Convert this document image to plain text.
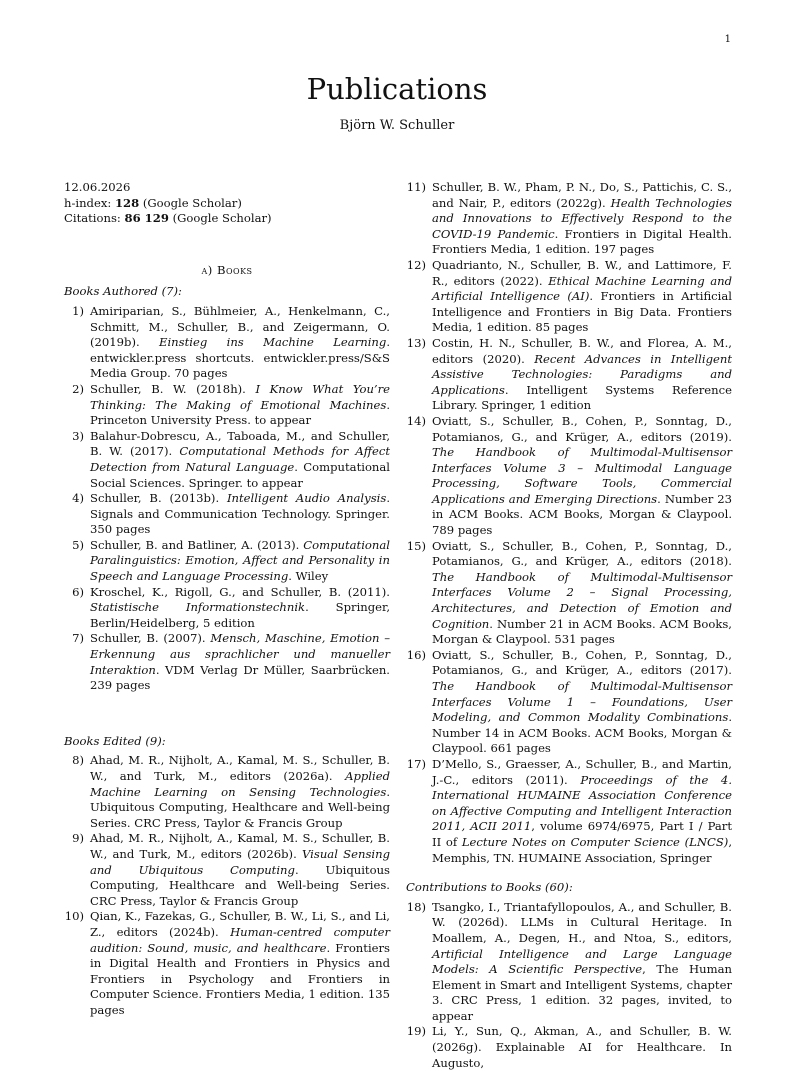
1
Publications
Björn W. Schuller
12.06.2026
h-index: 128 (Google Scholar)
Citations: 86 129 (Google Scholar)
a) Books
Books Authored (7):
1) Amiriparian, S., Bühlmeier, A., Henkelmann, C., Schmitt, M., Schuller, B., and Zeigermann, O. (2019b). Einstieg ins Machine Learning. entwickler.press shortcuts. entwickler.press/S&S Media Group. 70 pages
2) Schuller, B. W. (2018h). I Know What You’re Thinking: The Making of Emotional Machines. Princeton University Press. to appear
3) Balahur-Dobrescu, A., Taboada, M., and Schuller, B. W. (2017). Computational Methods for Affect Detection from Natural Language. Computational Social Sciences. Springer. to appear
4) Schuller, B. (2013b). Intelligent Audio Analysis. Signals and Communication Technology. Springer. 350 pages
5) Schuller, B. and Batliner, A. (2013). Computational Paralinguistics: Emotion, Affect and Personality in Speech and Language Processing. Wiley
6) Kroschel, K., Rigoll, G., and Schuller, B. (2011). Statistische Informationstechnik. Springer, Berlin/Heidelberg, 5 edition
7) Schuller, B. (2007). Mensch, Maschine, Emotion – Erkennung aus sprachlicher und manueller Interaktion. VDM Verlag Dr Müller, Saarbrücken. 239 pages
Books Edited (9):
8) Ahad, M. R., Nijholt, A., Kamal, M. S., Schuller, B. W., and Turk, M., editors (2026a). Applied Machine Learning on Sensing Technologies. Ubiquitous Computing, Healthcare and Well-being Series. CRC Press, Taylor & Francis Group
9) Ahad, M. R., Nijholt, A., Kamal, M. S., Schuller, B. W., and Turk, M., editors (2026b). Visual Sensing and Ubiquitous Computing. Ubiquitous Computing, Healthcare and Well-being Series. CRC Press, Taylor & Francis Group
10) Qian, K., Fazekas, G., Schuller, B. W., Li, S., and Li, Z., editors (2024b). Human-centred computer audition: Sound, music, and healthcare. Frontiers in Digital Health and Frontiers in Physics and Frontiers in Psychology and Frontiers in Computer Science. Frontiers Media, 1 edition. 135 pages
11) Schuller, B. W., Pham, P. N., Do, S., Pattichis, C. S., and Nair, P., editors (2022g). Health Technologies and Innovations to Effectively Respond to the COVID-19 Pandemic. Frontiers in Digital Health. Frontiers Media, 1 edition. 197 pages
12) Quadrianto, N., Schuller, B. W., and Lattimore, F. R., editors (2022). Ethical Machine Learning and Artificial Intelligence (AI). Frontiers in Artificial Intelligence and Frontiers in Big Data. Frontiers Media, 1 edition. 85 pages
13) Costin, H. N., Schuller, B. W., and Florea, A. M., editors (2020). Recent Advances in Intelligent Assistive Technologies: Paradigms and Applications. Intelligent Systems Reference Library. Springer, 1 edition
14) Oviatt, S., Schuller, B., Cohen, P., Sonntag, D., Potamianos, G., and Krüger, A., editors (2019). The Handbook of Multimodal-Multisensor Interfaces Volume 3 – Multimodal Language Processing, Software Tools, Commercial Applications and Emerging Directions. Number 23 in ACM Books. ACM Books, Morgan & Claypool. 789 pages
15) Oviatt, S., Schuller, B., Cohen, P., Sonntag, D., Potamianos, G., and Krüger, A., editors (2018). The Handbook of Multimodal-Multisensor Interfaces Volume 2 – Signal Processing, Architectures, and Detection of Emotion and Cognition. Number 21 in ACM Books. ACM Books, Morgan & Claypool. 531 pages
16) Oviatt, S., Schuller, B., Cohen, P., Sonntag, D., Potamianos, G., and Krüger, A., editors (2017). The Handbook of Multimodal-Multisensor Interfaces Volume 1 – Foundations, User Modeling, and Common Modality Combinations. Number 14 in ACM Books. ACM Books, Morgan & Claypool. 661 pages
17) D’Mello, S., Graesser, A., Schuller, B., and Martin, J.-C., editors (2011). Proceedings of the 4. International HUMAINE Association Conference on Affective Computing and Intelligent Interaction 2011, ACII 2011, volume 6974/6975, Part I / Part II of Lecture Notes on Computer Science (LNCS), Memphis, TN. HUMAINE Association, Springer
Contributions to Books (60):
18) Tsangko, I., Triantafyllopoulos, A., and Schuller, B. W. (2026d). LLMs in Cultural Heritage. In Moallem, A., Degen, H., and Ntoa, S., editors, Artificial Intelligence and Large Language Models: A Scientific Perspective, The Human Element in Smart and Intelligent Systems, chapter 3. CRC Press, 1 edition. 32 pages, invited, to appear
19) Li, Y., Sun, Q., Akman, A., and Schuller, B. W. (2026g). Explainable AI for Healthcare. In Augusto,
